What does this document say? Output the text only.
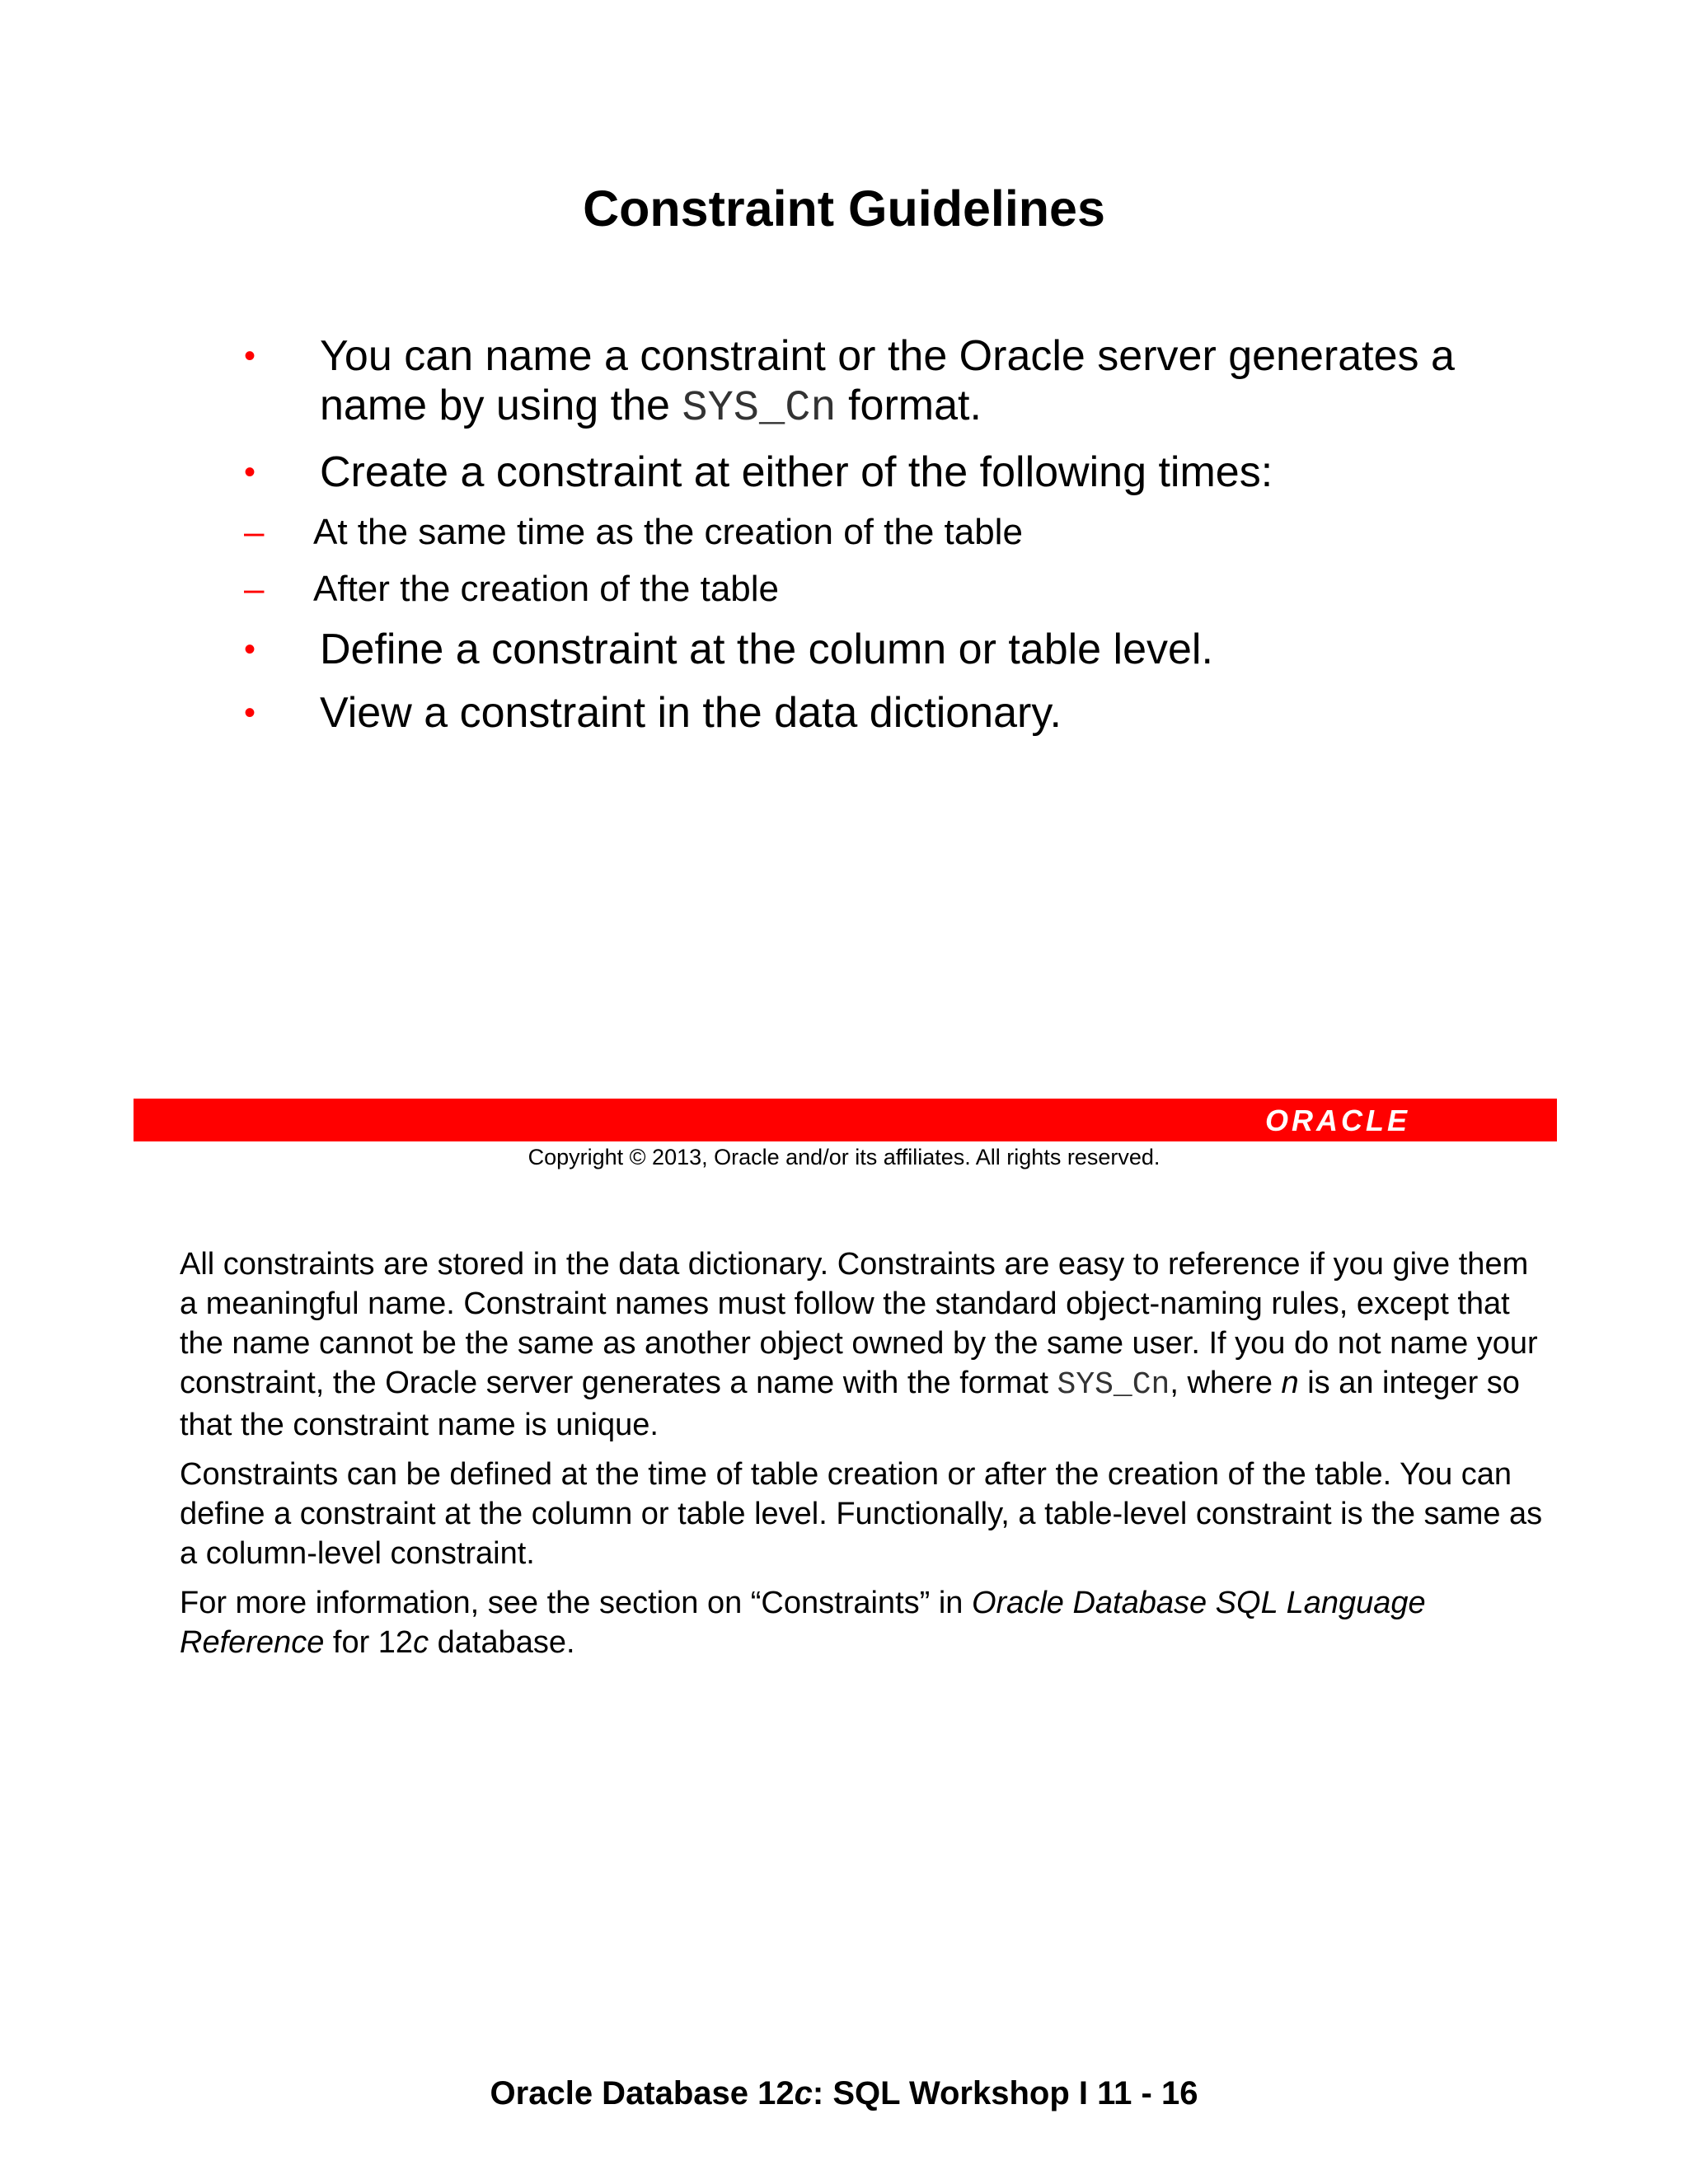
Constraint Guidelines
• You can name a constraint or the Oracle server generates a name by using the SYS_Cn format.
• Create a constraint at either of the following times:
– At the same time as the creation of the table
– After the creation of the table
• Define a constraint at the column or table level.
• View a constraint in the data dictionary.
ORACLE
Copyright © 2013, Oracle and/or its affiliates. All rights reserved.

All constraints are stored in the data dictionary. Constraints are easy to reference if you give them a meaningful name. Constraint names must follow the standard object-naming rules, except that the name cannot be the same as another object owned by the same user. If you do not name your constraint, the Oracle server generates a name with the format SYS_Cn, where n is an integer so that the constraint name is unique.

Constraints can be defined at the time of table creation or after the creation of the table. You can define a constraint at the column or table level. Functionally, a table-level constraint is the same as a column-level constraint.

For more information, see the section on “Constraints” in Oracle Database SQL Language Reference for 12c database.

Oracle Database 12c: SQL Workshop I 11 - 16
